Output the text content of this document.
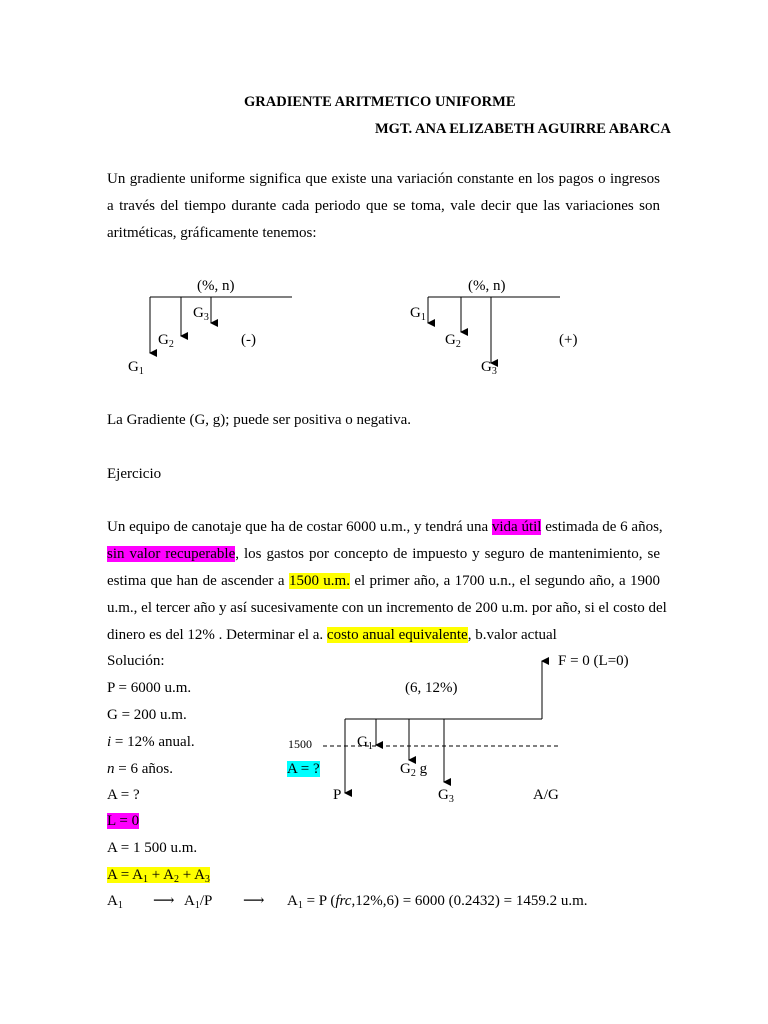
GRADIENTE ARITMETICO UNIFORME
MGT. ANA ELIZABETH AGUIRRE ABARCA
Un gradiente uniforme significa que existe una variación constante en los pagos o ingresos
a través del tiempo durante cada periodo que se toma, vale decir que las variaciones son
aritméticas, gráficamente tenemos:
(%, n)
$G_3$
$G_2$	(-)
$G_1$
(%, n)
$G_1$
$G_2$	(+)
$G_3$
La Gradiente (G, g); puede ser positiva o negativa.
Ejercicio
Un equipo de canotaje que ha de costar 6000 u.m., y tendrá una vida útil estimada de 6 años,
sin valor recuperable, los gastos por concepto de impuesto y seguro de mantenimiento, se
estima que han de ascender a 1500 u.m. el primer año, a 1700 u.n., el segundo año, a 1900
u.m., el tercer año y así sucesivamente con un incremento de 200 u.m. por año, si el costo del
dinero es del 12% . Determinar el a. costo anual equivalente, b.valor actual
Solución:
P = 6000 u.m.
G = 200 u.m.
i = 12% anual.
n = 6 años.
A = ?
L = 0
A = 1 500 u.m.
$A = A_1 + A_2 + A_3$
$A_1$ ⟶ $A_1/P$ ⟶ $A_1 = P$ (frc,12%,6) = 6000 (0.2432) = 1459.2 u.m.
F = 0 (L=0)
(6, 12%)
1500	$G_1$
A = ?	$G_2$ g
P	$G_3$	A/G
